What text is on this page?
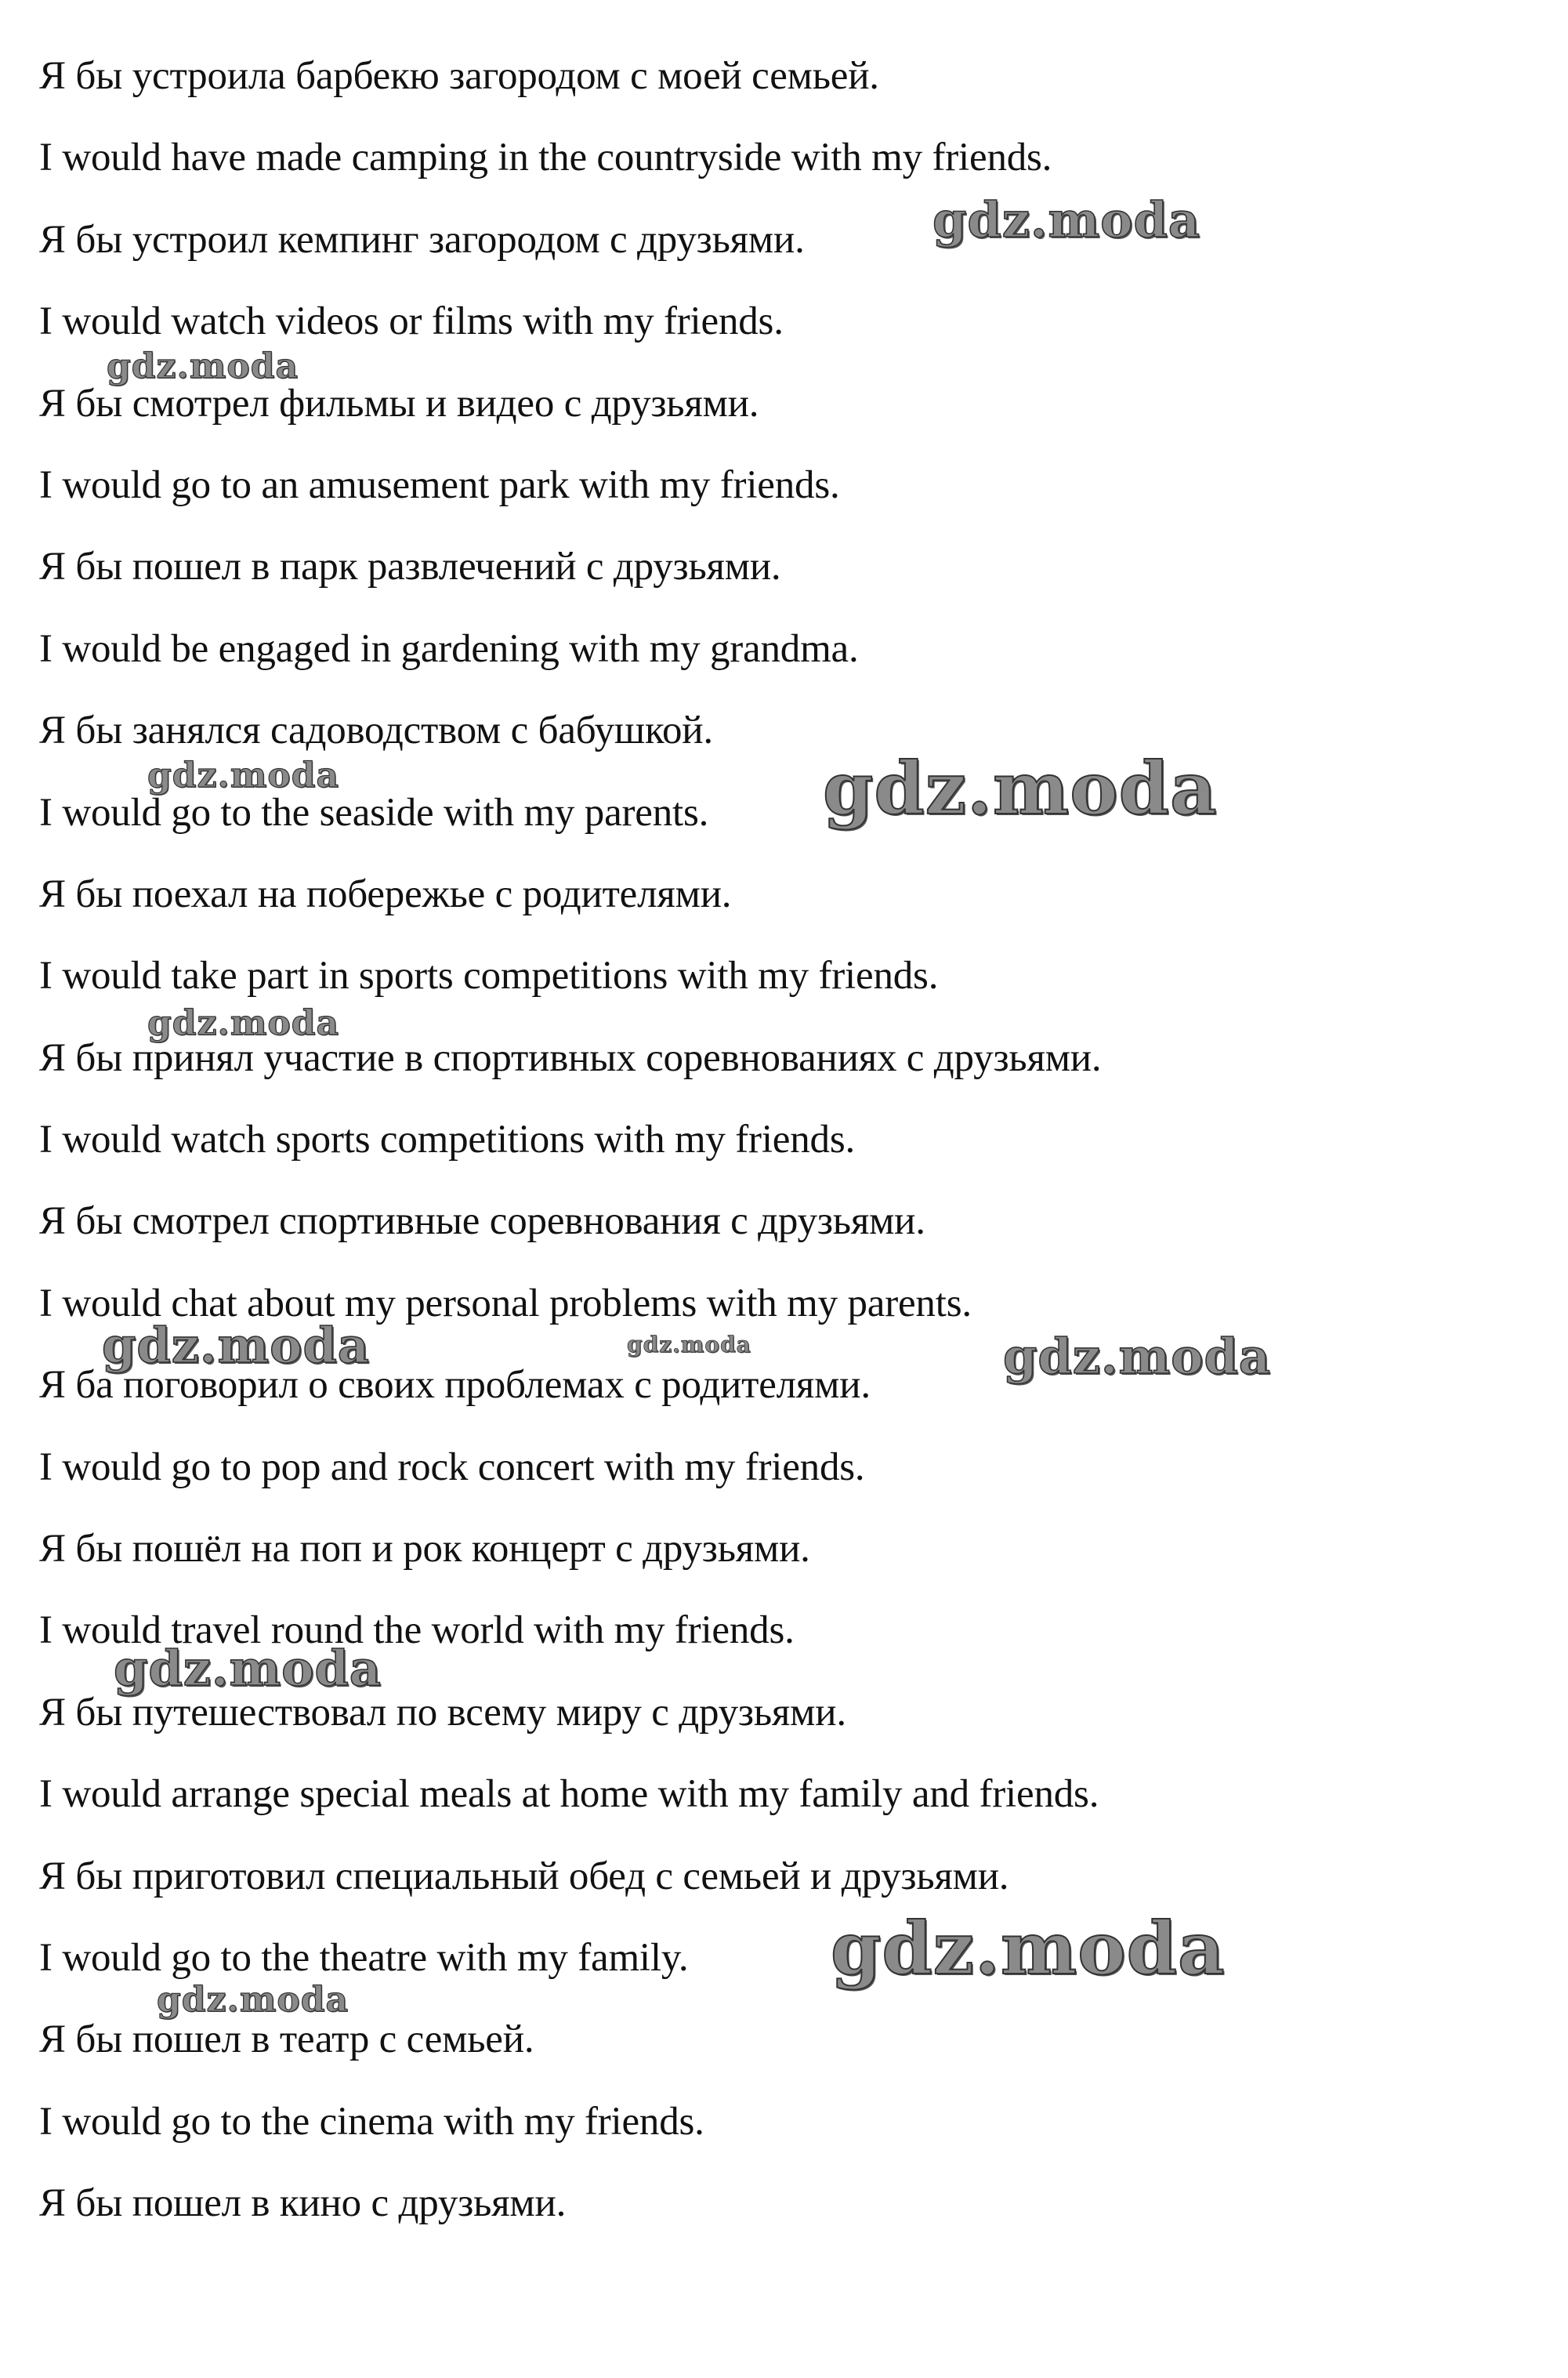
Я бы устроила барбекю загородом с моей семьей.
I would have made camping in the countryside with my friends.
Я бы устроил кемпинг загородом с друзьями.
I would watch videos or films with my friends.
Я бы смотрел фильмы и видео с друзьями.
I would go to an amusement park with my friends.
Я бы пошел в парк развлечений с друзьями.
I would be engaged in gardening with my grandma.
Я бы занялся садоводством с бабушкой.
I would go to the seaside with my parents.
Я бы поехал на побережье с родителями.
I would take part in sports competitions with my friends.
Я бы принял участие в спортивных соревнованиях с друзьями.
I would watch sports competitions with my friends.
Я бы смотрел спортивные соревнования с друзьями.
I would chat about my personal problems with my parents.
Я ба поговорил о своих проблемах с родителями.
I would go to pop and rock concert with my friends.
Я бы пошёл на поп и рок концерт с друзьями.
I would travel round the world with my friends.
Я бы путешествовал по всему миру с друзьями.
I would arrange special meals at home with my family and friends.
Я бы приготовил специальный обед с семьей и друзьями.
I would go to the theatre with my family.
Я бы пошел в театр с семьей.
I would go to the cinema with my friends.
Я бы пошел в кино с друзьями.
gdz.moda
gdz.moda
gdz.moda	gdz.moda
gdz.moda
gdz.moda	gdz.moda	gdz.moda
gdz.moda
gdz.moda
gdz.moda
